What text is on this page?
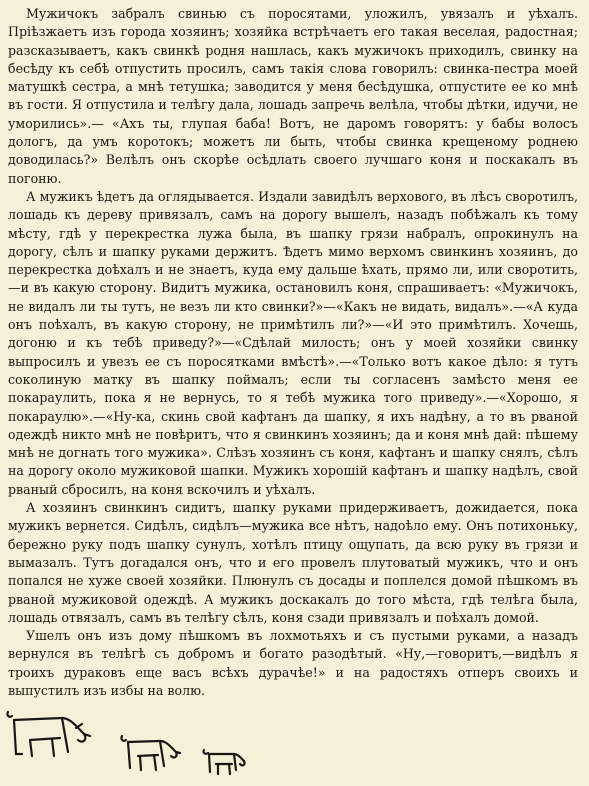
Мужичокъ забралъ свинью съ поросятами, уложилъ, увязалъ и уѣхалъ. Пріѣзжаетъ изъ города хозяинъ; хозяйка встрѣчаетъ его такая веселая, радостная; разсказываетъ, какъ свинкѣ родня нашлась, какъ мужичокъ приходилъ, свинку на бесѣду къ себѣ отпустить просилъ, самъ такія слова говорилъ: свинка-пестра моей матушкѣ сестра, а мнѣ тетушка; заводится у меня бесѣдушка, отпустите ее ко мнѣ въ гости. Я отпустила и телѣгу дала, лошадь запречь велѣла, чтобы дѣтки, идучи, не уморились».— «Ахъ ты, глупая баба! Вотъ, не даромъ говорятъ: у бабы волосъ дологъ, да умъ коротокъ; можетъ ли быть, чтобы свинка крещеному роднею доводилась?» Велѣлъ онъ скорѣе осѣдлать своего лучшаго коня и поскакалъ въ погоню.

А мужикъ ѣдетъ да оглядывается. Издали завидѣлъ верхового, въ лѣсъ своротилъ, лошадь къ дереву привязалъ, самъ на дорогу вышелъ, назадъ побѣжалъ къ тому мѣсту, гдѣ у перекрестка лужа была, въ шапку грязи набралъ, опрокинулъ на дорогу, сѣлъ и шапку руками держитъ. Ѣдетъ мимо верхомъ свинкинъ хозяинъ, до перекрестка доѣхалъ и не знаетъ, куда ему дальше ѣхать, прямо ли, или своротить,—и въ какую сторону. Видитъ мужика, остановилъ коня, спрашиваетъ: «Мужичокъ, не видалъ ли ты тутъ, не везъ ли кто свинки?»—«Какъ не видать, видалъ».—«А куда онъ поѣхалъ, въ какую сторону, не примѣтилъ ли?»—«И это примѣтилъ. Хочешь, догоню и къ тебѣ приведу?»—«Сдѣлай милость; онъ у моей хозяйки свинку выпросилъ и увезъ ее съ поросятками вмѣстѣ».—«Только вотъ какое дѣло: я тутъ соколиную матку въ шапку поймалъ; если ты согласенъ замѣсто меня ее покараулить, пока я не вернусь, то я тебѣ мужика того приведу».—«Хорошо, я покараулю».—«Ну-ка, скинь свой кафтанъ да шапку, я ихъ надѣну, а то въ рваной одеждѣ никто мнѣ не повѣритъ, что я свинкинъ хозяинъ; да и коня мнѣ дай: пѣшему мнѣ не догнать того мужика». Слѣзъ хозяинъ съ коня, кафтанъ и шапку снялъ, сѣлъ на дорогу около мужиковой шапки. Мужикъ хорошій кафтанъ и шапку надѣлъ, свой рваный сбросилъ, на коня вскочилъ и уѣхалъ.

А хозяинъ свинкинъ сидитъ, шапку руками придерживаетъ, дожидается, пока мужикъ вернется. Сидѣлъ, сидѣлъ—мужика все нѣтъ, надоѣло ему. Онъ потихоньку, бережно руку подъ шапку сунулъ, хотѣлъ птицу ощупать, да всю руку въ грязи и вымазалъ. Тутъ догадался онъ, что и его провелъ плутоватый мужикъ, что и онъ попался не хуже своей хозяйки. Плюнулъ съ досады и поплелся домой пѣшкомъ въ рваной мужиковой одеждѣ. А мужикъ доскакалъ до того мѣста, гдѣ телѣга была, лошадь отвязалъ, самъ въ телѣгу сѣлъ, коня сзади привязалъ и поѣхалъ домой.

Ушелъ онъ изъ дому пѣшкомъ въ лохмотьяхъ и съ пустыми руками, а назадъ вернулся въ телѣгѣ съ добромъ и богато разодѣтый. «Ну,—говоритъ,—видѣлъ я троихъ дураковъ еще васъ всѣхъ дурачѣе!» и на радостяхъ отперъ своихъ и выпустилъ изъ избы на волю.
